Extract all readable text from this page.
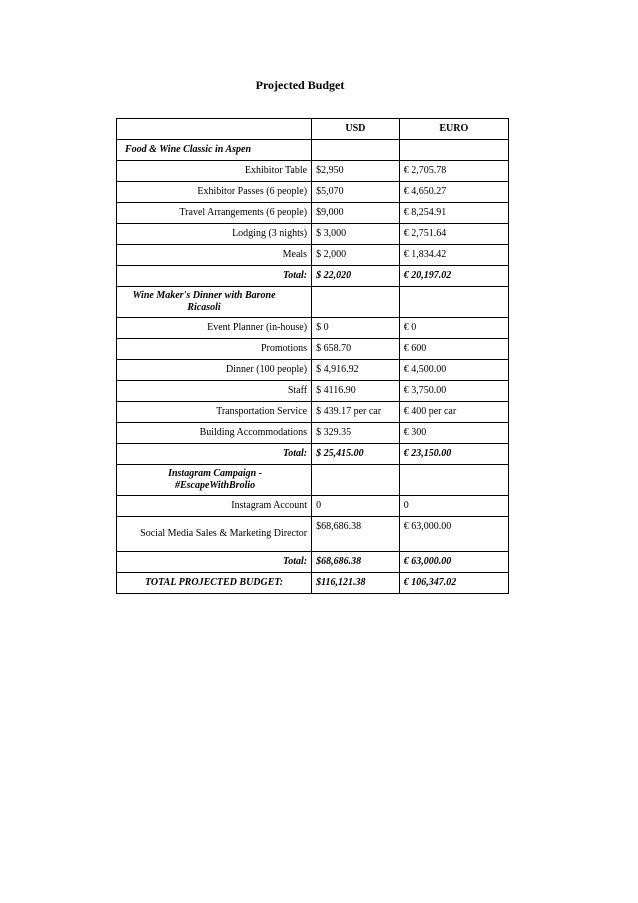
Projected Budget
	USD	EURO
Food & Wine Classic in Aspen		
Exhibitor Table	$2,950	€ 2,705.78
Exhibitor Passes (6 people)	$5,070	€ 4,650.27
Travel Arrangements (6 people)	$9,000	€ 8,254.91
Lodging (3 nights)	$ 3,000	€ 2,751.64
Meals	$ 2,000	€ 1,834.42
Total:	$ 22,020	€ 20,197.02
Wine Maker's Dinner with Barone Ricasoli		
Event Planner (in-house)	$ 0	€ 0
Promotions	$ 658.70	€ 600
Dinner (100 people)	$ 4,916.92	€ 4,500.00
Staff	$ 4116.90	€ 3,750.00
Transportation Service	$ 439.17 per car	€ 400 per car
Building Accommodations	$ 329.35	€ 300
Total:	$ 25,415.00	€ 23,150.00
Instagram Campaign - #EscapeWithBrolio		
Instagram Account	0	0
Social Media Sales & Marketing Director	$68,686.38	€ 63,000.00
Total:	$68,686.38	€ 63,000.00
TOTAL PROJECTED BUDGET:	$116,121.38	€ 106,347.02
